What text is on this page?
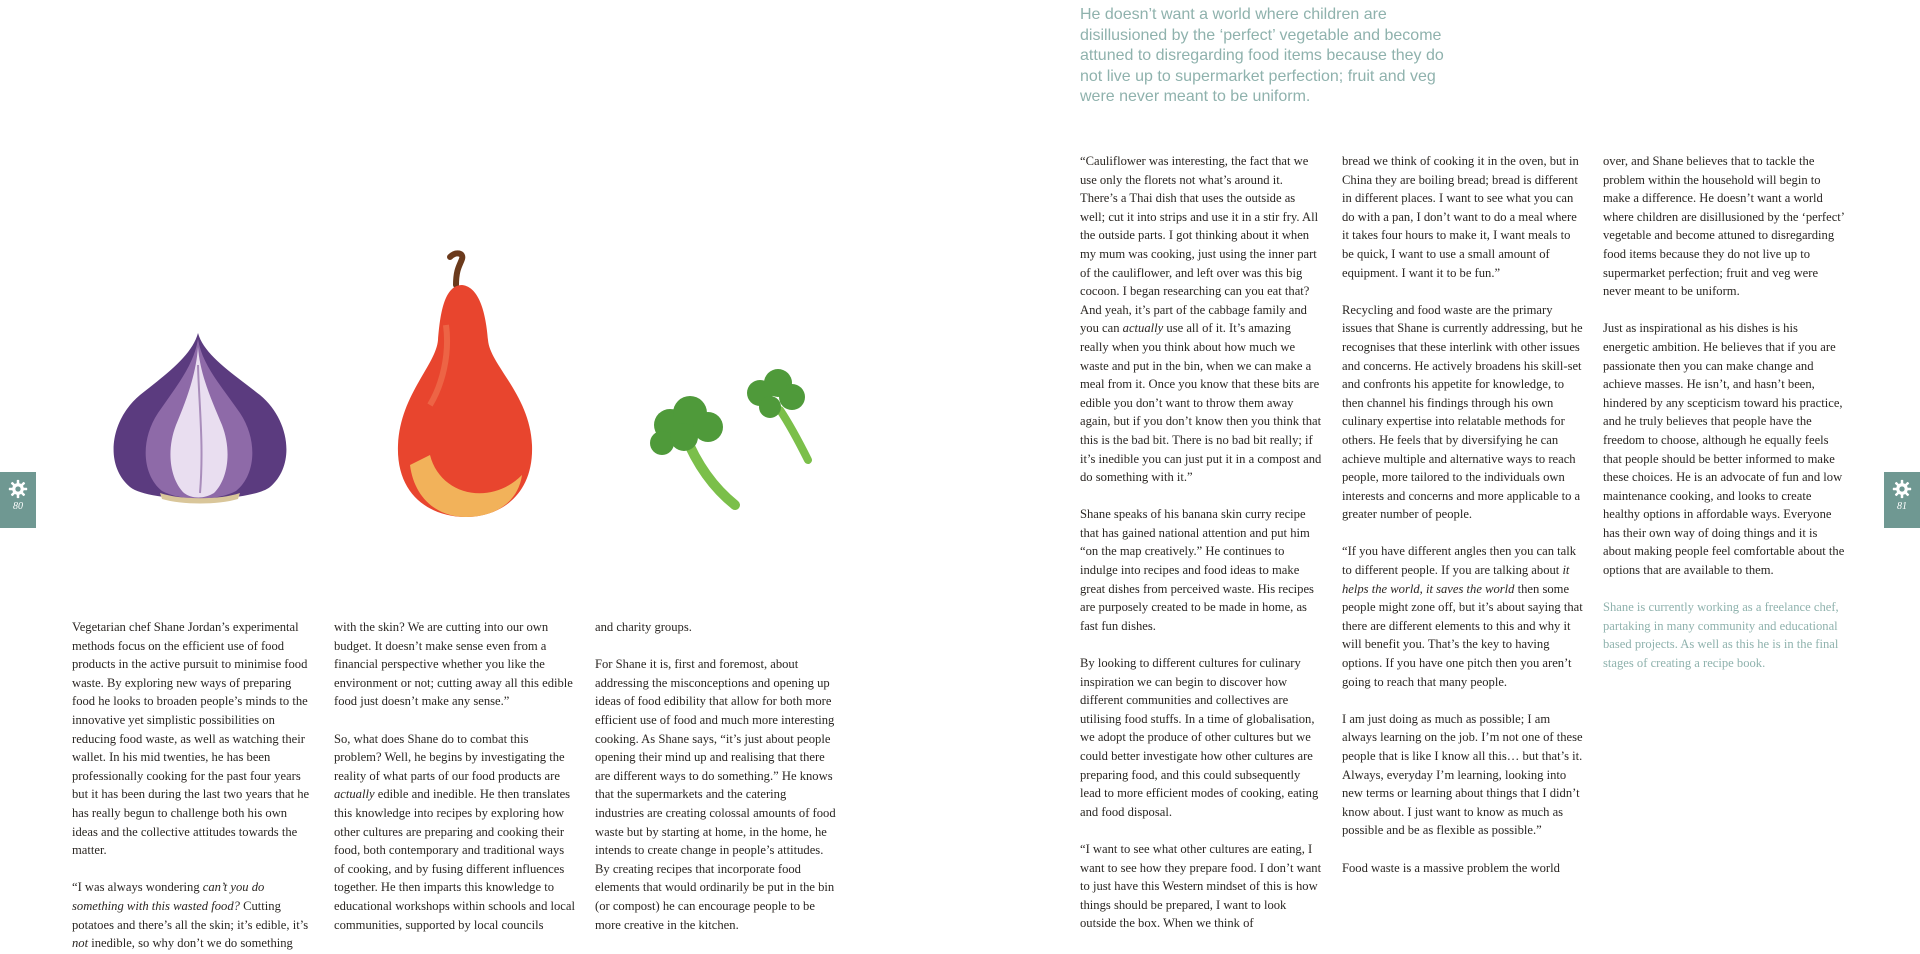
80

Vegetarian chef Shane Jordan’s experimental methods focus on the efficient use of food products in the active pursuit to minimise food waste. By exploring new ways of preparing food he looks to broaden people’s minds to the innovative yet simplistic possibilities on reducing food waste, as well as watching their wallet. In his mid twenties, he has been professionally cooking for the past four years but it has been during the last two years that he has really begun to challenge both his own ideas and the collective attitudes towards the matter.

“I was always wondering can’t you do something with this wasted food? Cutting potatoes and there’s all the skin; it’s edible, it’s not inedible, so why don’t we do something

with the skin? We are cutting into our own budget. It doesn’t make sense even from a financial perspective whether you like the environment or not; cutting away all this edible food just doesn’t make any sense.”

So, what does Shane do to combat this problem? Well, he begins by investigating the reality of what parts of our food products are actually edible and inedible. He then translates this knowledge into recipes by exploring how other cultures are preparing and cooking their food, both contemporary and traditional ways of cooking, and by fusing different influences together. He then imparts this knowledge to educational workshops within schools and local communities, supported by local councils

and charity groups.

For Shane it is, first and foremost, about addressing the misconceptions and opening up ideas of food edibility that allow for both more efficient use of food and much more interesting cooking. As Shane says, “it’s just about people opening their mind up and realising that there are different ways to do something.” He knows that the supermarkets and the catering industries are creating colossal amounts of food waste but by starting at home, in the home, he intends to create change in people’s attitudes. By creating recipes that incorporate food elements that would ordinarily be put in the bin (or compost) he can encourage people to be more creative in the kitchen.

He doesn’t want a world where children are disillusioned by the ‘perfect’ vegetable and become attuned to disregarding food items because they do not live up to supermarket perfection; fruit and veg were never meant to be uniform.

“Cauliflower was interesting, the fact that we use only the florets not what’s around it. There’s a Thai dish that uses the outside as well; cut it into strips and use it in a stir fry. All the outside parts. I got thinking about it when my mum was cooking, just using the inner part of the cauliflower, and left over was this big cocoon. I began researching can you eat that? And yeah, it’s part of the cabbage family and you can actually use all of it. It’s amazing really when you think about how much we waste and put in the bin, when we can make a meal from it. Once you know that these bits are edible you don’t want to throw them away again, but if you don’t know then you think that this is the bad bit. There is no bad bit really; if it’s inedible you can just put it in a compost and do something with it.”

Shane speaks of his banana skin curry recipe that has gained national attention and put him “on the map creatively.” He continues to indulge into recipes and food ideas to make great dishes from perceived waste. His recipes are purposely created to be made in home, as fast fun dishes.

By looking to different cultures for culinary inspiration we can begin to discover how different communities and collectives are utilising food stuffs. In a time of globalisation, we adopt the produce of other cultures but we could better investigate how other cultures are preparing food, and this could subsequently lead to more efficient modes of cooking, eating and food disposal.

“I want to see what other cultures are eating, I want to see how they prepare food. I don’t want to just have this Western mindset of this is how things should be prepared, I want to look outside the box. When we think of

bread we think of cooking it in the oven, but in China they are boiling bread; bread is different in different places. I want to see what you can do with a pan, I don’t want to do a meal where it takes four hours to make it, I want meals to be quick, I want to use a small amount of equipment. I want it to be fun.”

Recycling and food waste are the primary issues that Shane is currently addressing, but he recognises that these interlink with other issues and concerns. He actively broadens his skill-set and confronts his appetite for knowledge, to then channel his findings through his own culinary expertise into relatable methods for others. He feels that by diversifying he can achieve multiple and alternative ways to reach people, more tailored to the individuals own interests and concerns and more applicable to a greater number of people.

“If you have different angles then you can talk to different people. If you are talking about it helps the world, it saves the world then some people might zone off, but it’s about saying that there are different elements to this and why it will benefit you. That’s the key to having options. If you have one pitch then you aren’t going to reach that many people.

I am just doing as much as possible; I am always learning on the job. I’m not one of these people that is like I know all this… but that’s it. Always, everyday I’m learning, looking into new terms or learning about things that I didn’t know about. I just want to know as much as possible and be as flexible as possible.”

Food waste is a massive problem the world

over, and Shane believes that to tackle the problem within the household will begin to make a difference. He doesn’t want a world where children are disillusioned by the ‘perfect’ vegetable and become attuned to disregarding food items because they do not live up to supermarket perfection; fruit and veg were never meant to be uniform.

Just as inspirational as his dishes is his energetic ambition. He believes that if you are passionate then you can make change and achieve masses. He isn’t, and hasn’t been, hindered by any scepticism toward his practice, and he truly believes that people have the freedom to choose, although he equally feels that people should be better informed to make these choices. He is an advocate of fun and low maintenance cooking, and looks to create healthy options in affordable ways. Everyone has their own way of doing things and it is about making people feel comfortable about the options that are available to them.

Shane is currently working as a freelance chef, partaking in many community and educational based projects. As well as this he is in the final stages of creating a recipe book.

81
